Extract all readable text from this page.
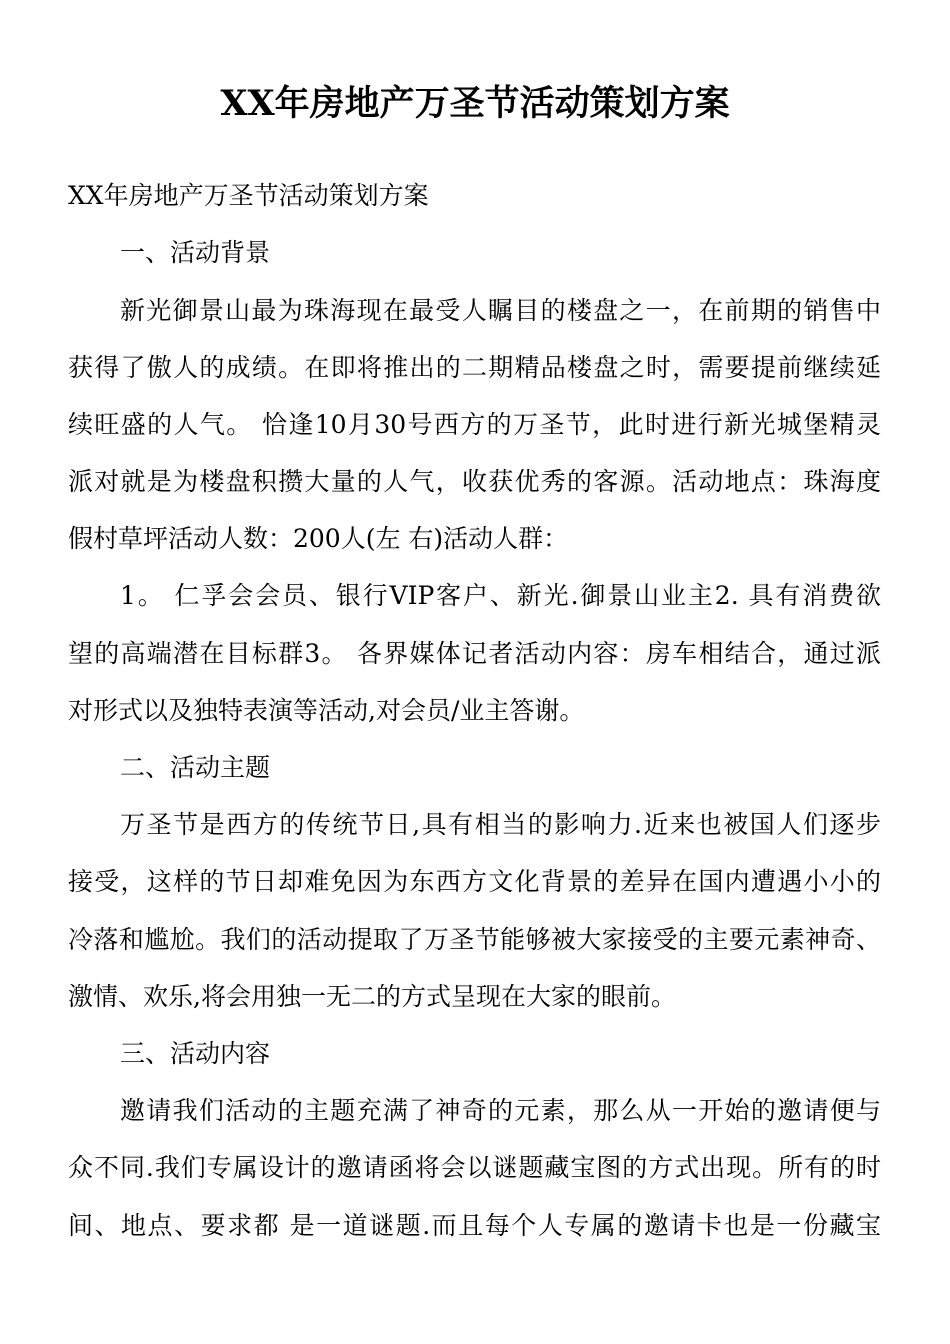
XX年房地产万圣节活动策划方案
XX年房地产万圣节活动策划方案
一、活动背景
新光御景山最为珠海现在最受人瞩目的楼盘之一，在前期的销售中
获得了傲人的成绩。在即将推出的二期精品楼盘之时，需要提前继续延
续旺盛的人气。 恰逢10月30号西方的万圣节，此时进行新光城堡精灵
派对就是为楼盘积攒大量的人气，收获优秀的客源。活动地点：珠海度
假村草坪活动人数：200人(左 右)活动人群：
1。 仁孚会会员、银行VIP客户、新光.御景山业主2. 具有消费欲
望的高端潜在目标群3。 各界媒体记者活动内容：房车相结合，通过派
对形式以及独特表演等活动,对会员/业主答谢。
二、活动主题
万圣节是西方的传统节日,具有相当的影响力.近来也被国人们逐步
接受，这样的节日却难免因为东西方文化背景的差异在国内遭遇小小的
冷落和尴尬。我们的活动提取了万圣节能够被大家接受的主要元素神奇、
激情、欢乐,将会用独一无二的方式呈现在大家的眼前。
三、活动内容
邀请我们活动的主题充满了神奇的元素，那么从一开始的邀请便与
众不同.我们专属设计的邀请函将会以谜题藏宝图的方式出现。所有的时
间、地点、要求都 是一道谜题.而且每个人专属的邀请卡也是一份藏宝
